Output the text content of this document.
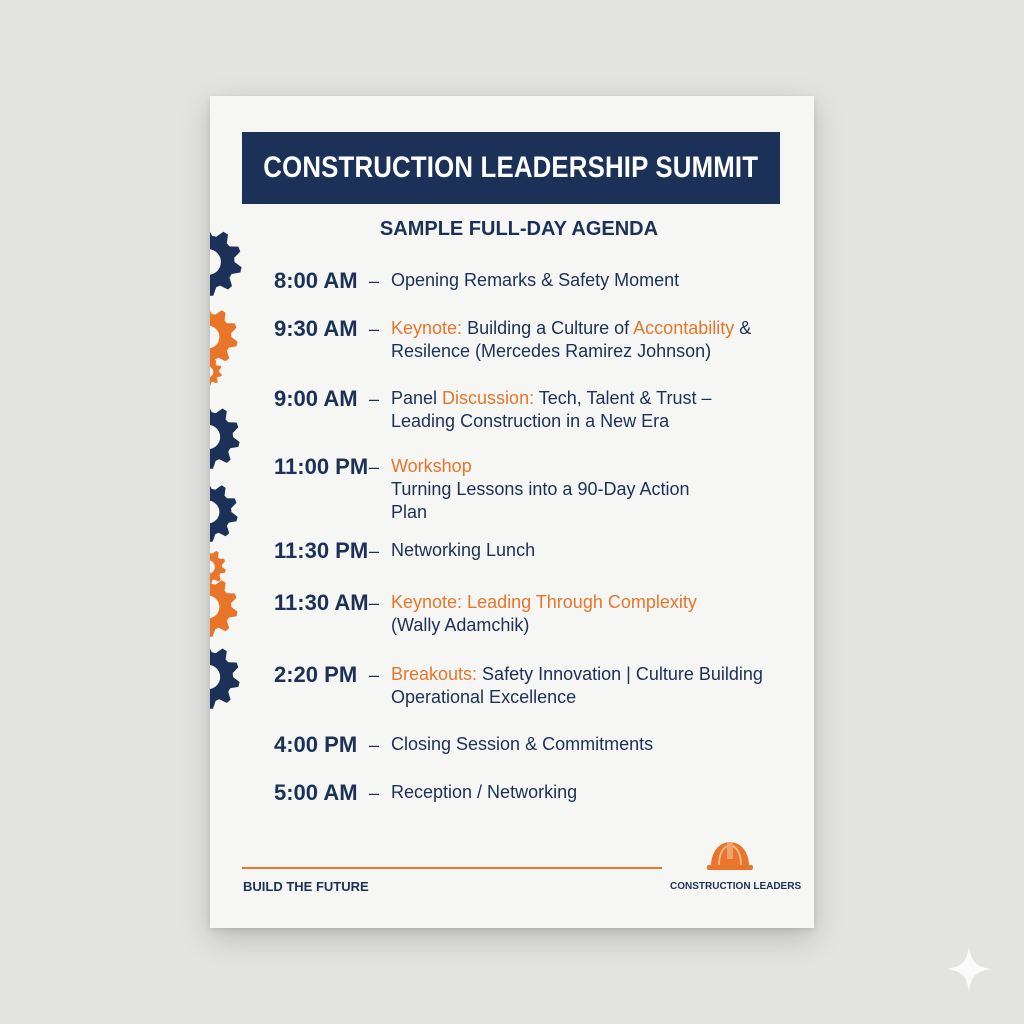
CONSTRUCTION LEADERSHIP SUMMIT
SAMPLE FULL-DAY AGENDA
8:00 AM – Opening Remarks & Safety Moment
9:30 AM – Keynote: Building a Culture of Accontability &
Resilence (Mercedes Ramirez Johnson)
9:00 AM – Panel Discussion: Tech, Talent & Trust –
Leading Construction in a New Era
11:00 PM – Workshop
Turning Lessons into a 90-Day Action
Plan
11:30 PM – Networking Lunch
11:30 AM – Keynote: Leading Through Complexity
(Wally Adamchik)
2:20 PM – Breakouts: Safety Innovation | Culture Building
Operational Excellence
4:00 PM – Closing Session & Commitments
5:00 AM – Reception / Networking
BUILD THE FUTURE	CONSTRUCTION LEADERS
